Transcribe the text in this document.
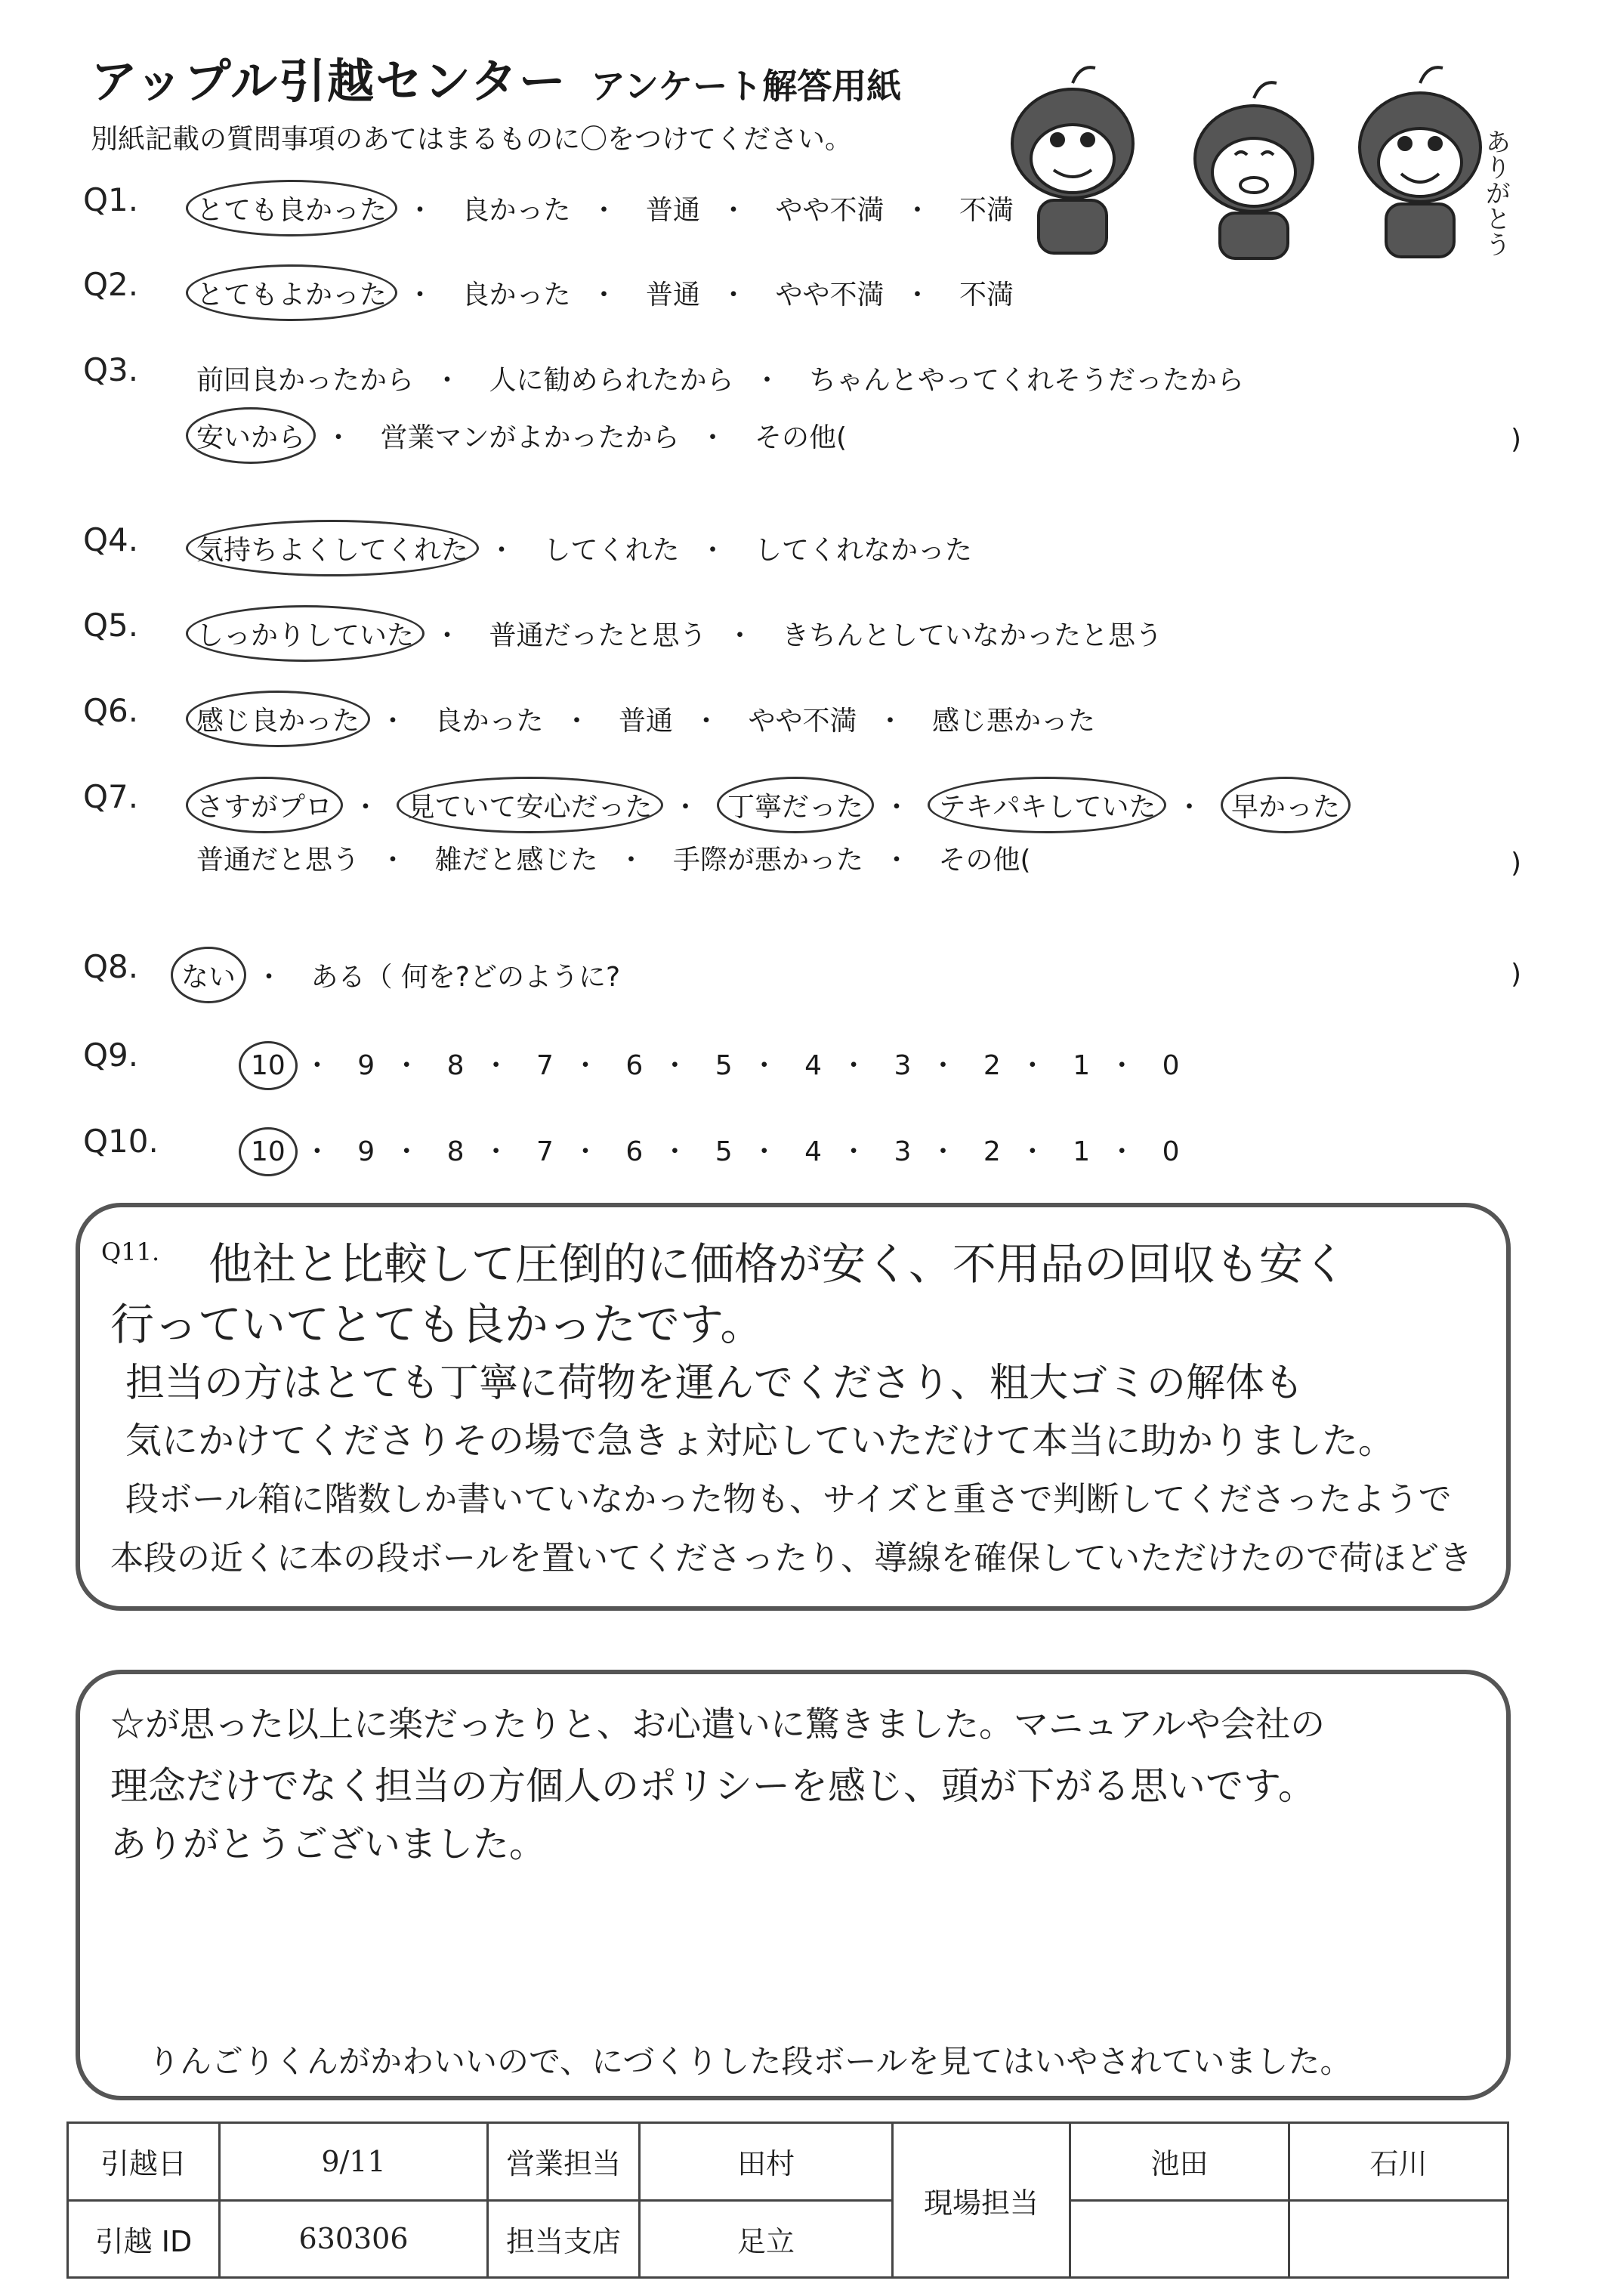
アップル引越センター アンケート解答用紙
別紙記載の質問事項のあてはまるものに〇をつけてください。	ありがとう
Q1. とても良かった ・ 良かった ・ 普通 ・ やや不満 ・ 不満
Q2. とてもよかった ・ 良かった ・ 普通 ・ やや不満 ・ 不満
Q3. 前回良かったから ・ 人に勧められたから ・ ちゃんとやってくれそうだったから
安いから ・ 営業マンがよかったから ・ その他(	)
Q4. 気持ちよくしてくれた ・ してくれた ・ してくれなかった
Q5. しっかりしていた ・ 普通だったと思う ・ きちんとしていなかったと思う
Q6. 感じ良かった ・ 良かった ・ 普通 ・ やや不満 ・ 感じ悪かった
Q7. さすがプロ ・ 見ていて安心だった ・ 丁寧だった ・ テキパキしていた ・ 早かった
普通だと思う ・ 雑だと感じた ・ 手際が悪かった ・ その他(	)
Q8. ない ・ ある（ 何を?どのように?	)
Q9.	10 ・ 9 ・ 8 ・ 7 ・ 6 ・ 5 ・ 4 ・ 3 ・ 2 ・ 1 ・ 0
Q10.	10 ・ 9 ・ 8 ・ 7 ・ 6 ・ 5 ・ 4 ・ 3 ・ 2 ・ 1 ・ 0
Q11. 他社と比較して圧倒的に価格が安く、不用品の回収も安く
行っていてとても良かったです。
担当の方はとても丁寧に荷物を運んでくださり、粗大ゴミの解体も
気にかけてくださりその場で急きょ対応していただけて本当に助かりました。
段ボール箱に階数しか書いていなかった物も、サイズと重さで判断してくださったようで
本段の近くに本の段ボールを置いてくださったり、導線を確保していただけたので荷ほどき
☆が思った以上に楽だったりと、お心遣いに驚きました。マニュアルや会社の
理念だけでなく担当の方個人のポリシーを感じ、頭が下がる思いです。
ありがとうございました。
りんごりくんがかわいいので、にづくりした段ボールを見てはいやされていました。
引越日	9/11	営業担当	田村	現場担当	池田	石川
引越 ID	630306	担当支店	足立			
